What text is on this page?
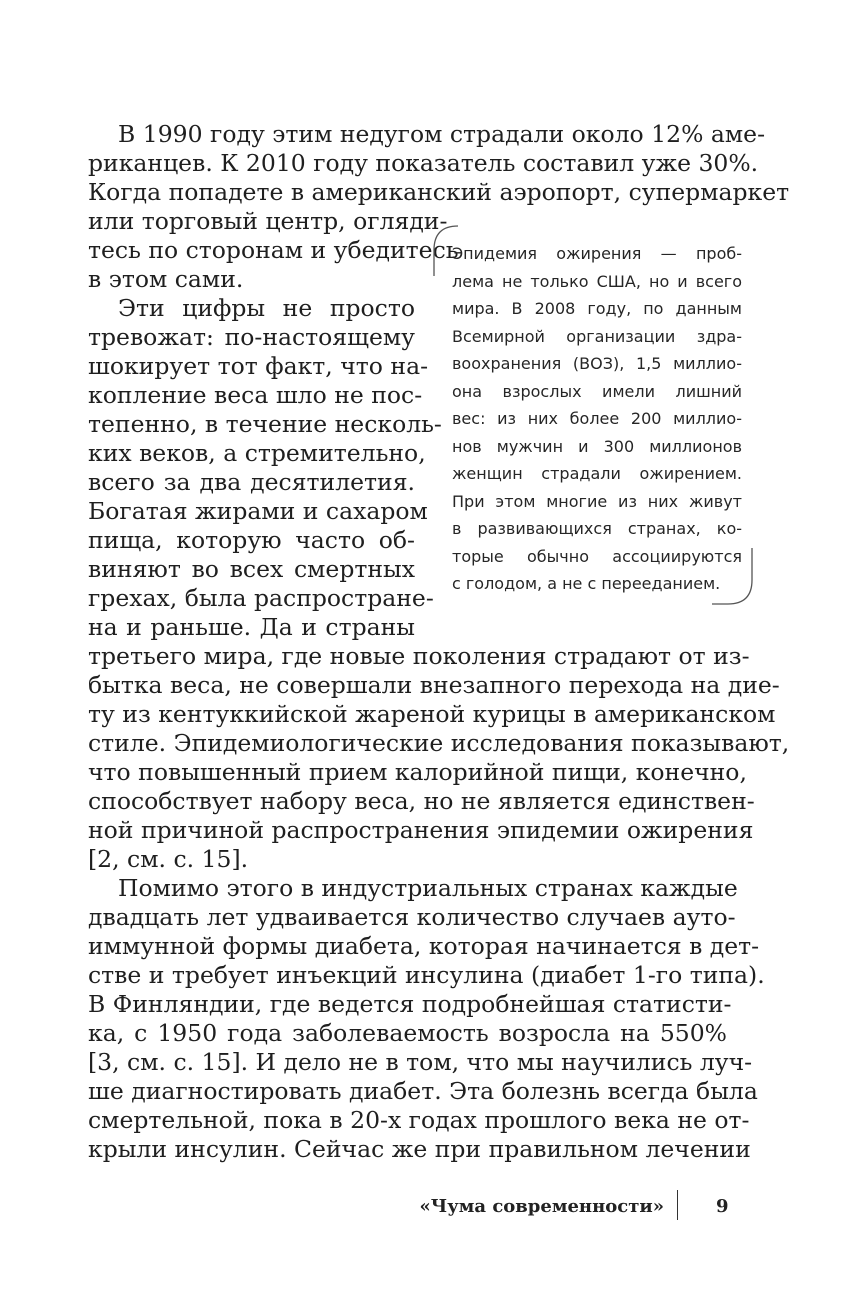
В 1990 году этим недугом страдали около 12% аме-
риканцев. К 2010 году показатель составил уже 30%.
Когда попадете в американский аэропорт, супермаркет
или торговый центр, огляди-
тесь по сторонам и убедитесь
в этом сами.
Эти цифры не просто
тревожат: по-настоящему
шокирует тот факт, что на-
копление веса шло не пос-
тепенно, в течение несколь-
ких веков, а стремительно,
всего за два десятилетия.
Богатая жирами и сахаром
пища, которую часто об-
виняют во всех смертных
грехах, была распростране-
на и раньше. Да и страны
третьего мира, где новые поколения страдают от из-
бытка веса, не совершали внезапного перехода на дие-
ту из кентуккийской жареной курицы в американском
стиле. Эпидемиологические исследования показывают,
что повышенный прием калорийной пищи, конечно,
способствует набору веса, но не является единствен-
ной причиной распространения эпидемии ожирения
[2, см. с. 15].
Помимо этого в индустриальных странах каждые
двадцать лет удваивается количество случаев ауто-
иммунной формы диабета, которая начинается в дет-
стве и требует инъекций инсулина (диабет 1-го типа).
В Финляндии, где ведется подробнейшая статисти-
ка, с 1950 года заболеваемость возросла на 550%
[3, см. с. 15]. И дело не в том, что мы научились луч-
ше диагностировать диабет. Эта болезнь всегда была
смертельной, пока в 20-х годах прошлого века не от-
крыли инсулин. Сейчас же при правильном лечении
Эпидемия ожирения — проб-
лема не только США, но и всего
мира. В 2008 году, по данным
Всемирной организации здра-
воохранения (ВОЗ), 1,5 миллио-
она взрослых имели лишний
вес: из них более 200 миллио-
нов мужчин и 300 миллионов
женщин страдали ожирением.
При этом многие из них живут
в развивающихся странах, ко-
торые обычно ассоциируются
с голодом, а не с перееданием.
«Чума современности»	9
